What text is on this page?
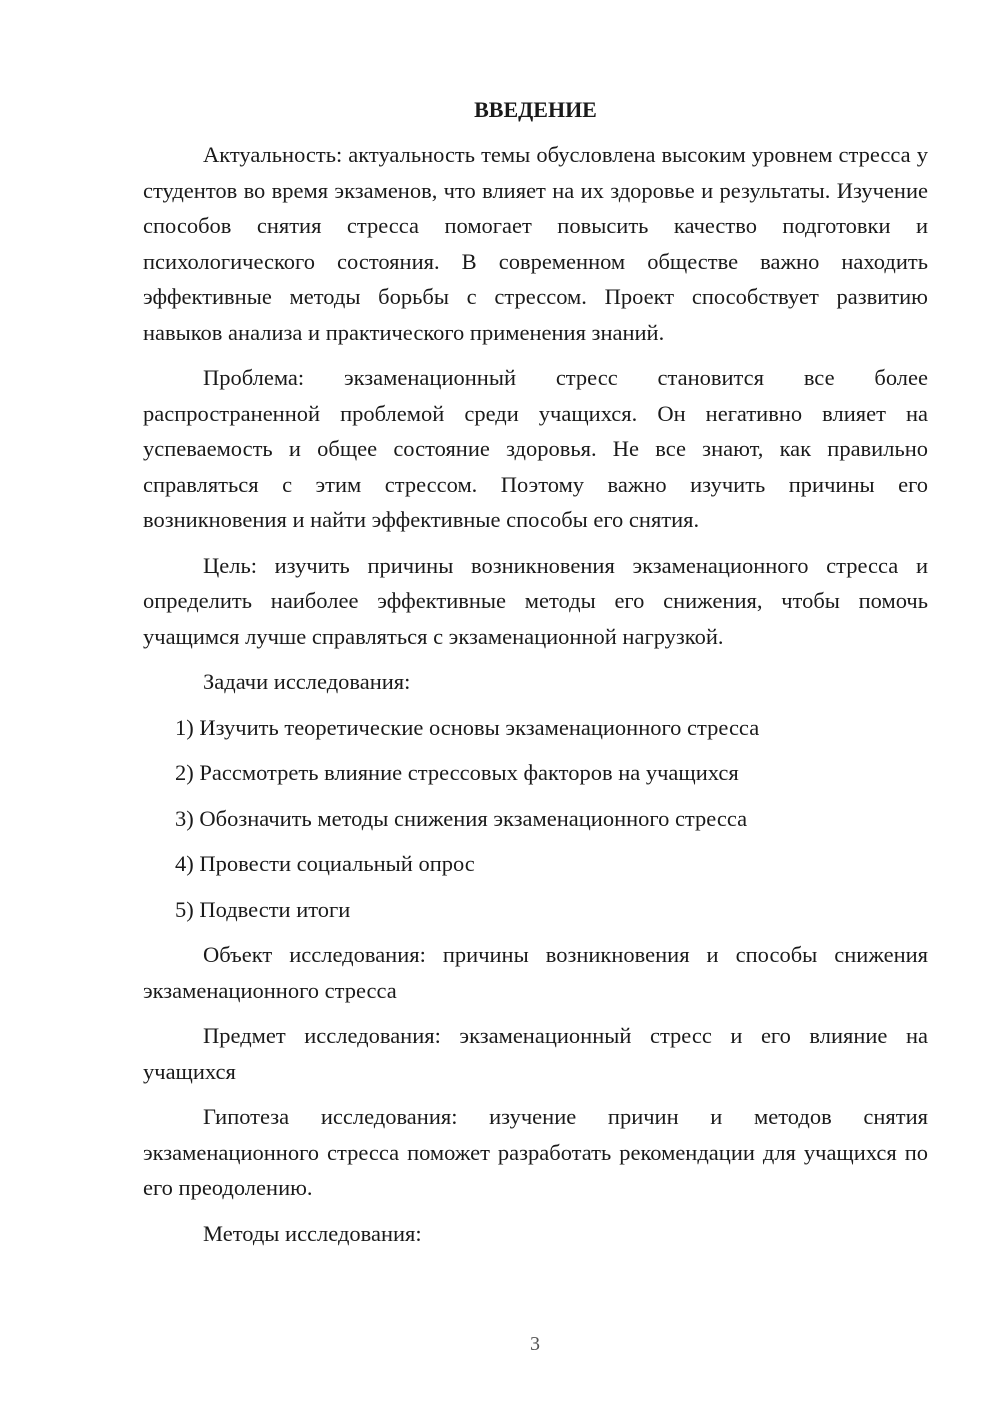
ВВЕДЕНИЕ
Актуальность: актуальность темы обусловлена высоким уровнем стресса у студентов во время экзаменов, что влияет на их здоровье и результаты. Изучение способов снятия стресса помогает повысить качество подготовки и психологического состояния. В современном обществе важно находить эффективные методы борьбы с стрессом. Проект способствует развитию навыков анализа и практического применения знаний.
Проблема: экзаменационный стресс становится все более распространенной проблемой среди учащихся. Он негативно влияет на успеваемость и общее состояние здоровья. Не все знают, как правильно справляться с этим стрессом. Поэтому важно изучить причины его возникновения и найти эффективные способы его снятия.
Цель: изучить причины возникновения экзаменационного стресса и определить наиболее эффективные методы его снижения, чтобы помочь учащимся лучше справляться с экзаменационной нагрузкой.
Задачи исследования:
1) Изучить теоретические основы экзаменационного стресса
2) Рассмотреть влияние стрессовых факторов на учащихся
3) Обозначить методы снижения экзаменационного стресса
4) Провести социальный опрос
5) Подвести итоги
Объект исследования: причины возникновения и способы снижения экзаменационного стресса
Предмет исследования: экзаменационный стресс и его влияние на учащихся
Гипотеза исследования: изучение причин и методов снятия экзаменационного стресса поможет разработать рекомендации для учащихся по его преодолению.
Методы исследования:
3
